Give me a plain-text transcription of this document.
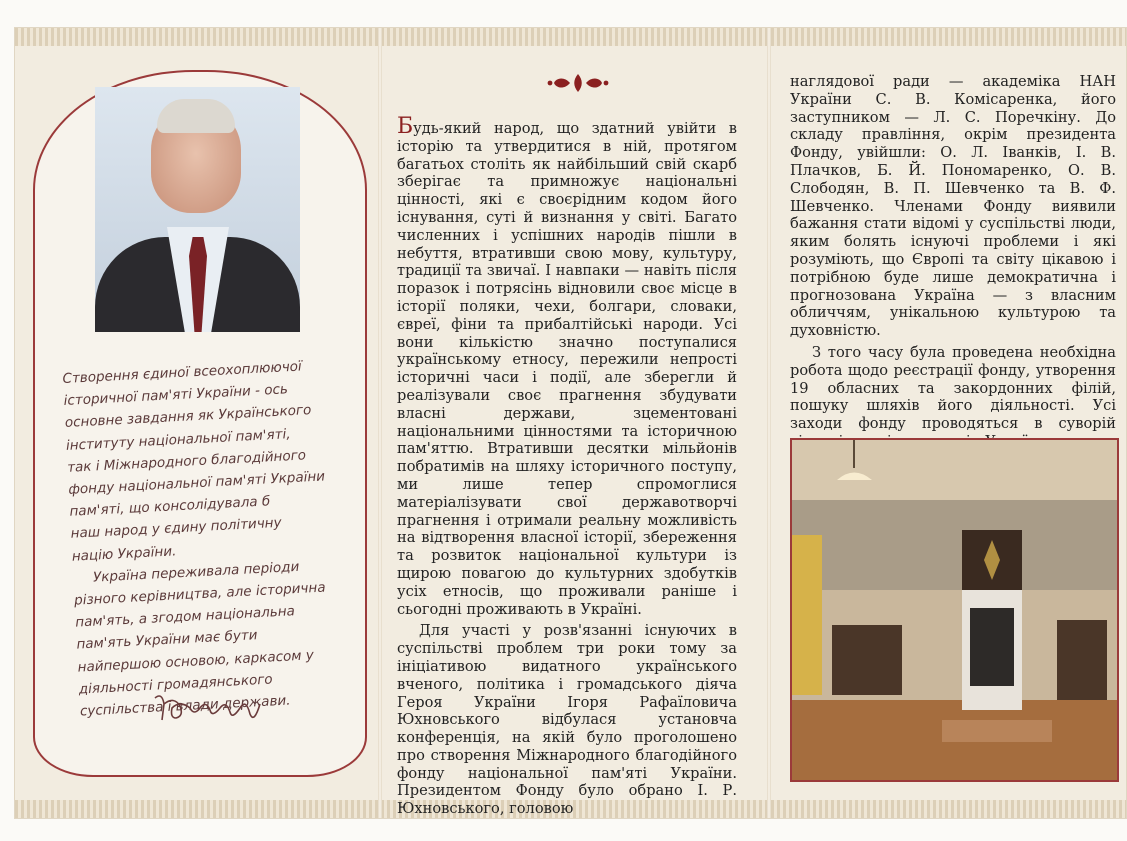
Створення єдиної всеохоплюючої

історичної пам'яті України - ось

основне завдання як Українського

інституту національної пам'яті,

так і Міжнародного благодійного

фонду національної пам'яті України

пам'яті, що консолідувала б

наш народ у єдину політичну

націю України.

Україна переживала періоди

різного керівництва, але історична

пам'ять, а згодом національна

пам'ять України має бути

найпершою основою, каркасом у

діяльності громадянського

суспільства і влади держави.

Будь-який народ, що здатний увійти в історію та утвердитися в ній, протягом багатьох століть як найбільший свій скарб зберігає та примножує національні цінності, які є своєрідним кодом його існування, суті й визнання у світі. Багато численних і успішних народів пішли в небуття, втративши свою мову, культуру, традиції та звичаї. І навпаки — навіть після поразок і потрясінь відновили своє місце в історії поляки, чехи, болгари, словаки, євреї, фіни та прибалтійські народи. Усі вони кількістю значно поступалися українському етносу, пережили непрості історичні часи і події, але зберегли й реалізували своє прагнення збудувати власні держави, зцементовані національними цінностями та історичною пам'яттю. Втративши десятки мільйонів побратимів на шляху історичного поступу, ми лише тепер спромоглися матеріалізувати свої державотворчі прагнення і отримали реальну можливість на відтворення власної історії, збереження та розвиток національної культури із щирою повагою до культурних здобутків усіх етносів, що проживали раніше і сьогодні проживають в Україні.

Для участі у розв'язанні існуючих в суспільстві проблем три роки тому за ініціативою видатного українського вченого, політика і громадського діяча Героя України Ігоря Рафаїловича Юхновського відбулася установча конференція, на якій було проголошено про створення Міжнародного благодійного фонду національної пам'яті України. Президентом Фонду було обрано І. Р. Юхновського, головою

наглядової ради — академіка НАН України С. В. Комісаренка, його заступником — Л. С. Поречкіну. До складу правління, окрім президента Фонду, увійшли: О. Л. Іванків, І. В. Плачков, Б. Й. Пономаренко, О. В. Слободян, В. П. Шевченко та В. Ф. Шевченко. Членами Фонду виявили бажання стати відомі у суспільстві люди, яким болять існуючі проблеми і які розуміють, що Європі та світу цікавою і потрібною буде лише демократична і прогнозована Україна — з власним обличчям, унікальною культурою та духовністю.

З того часу була проведена необхідна робота щодо реєстрації фонду, утворення 19 обласних та закордонних філій, пошуку шляхів його діяльності. Усі заходи фонду проводяться в суворій
